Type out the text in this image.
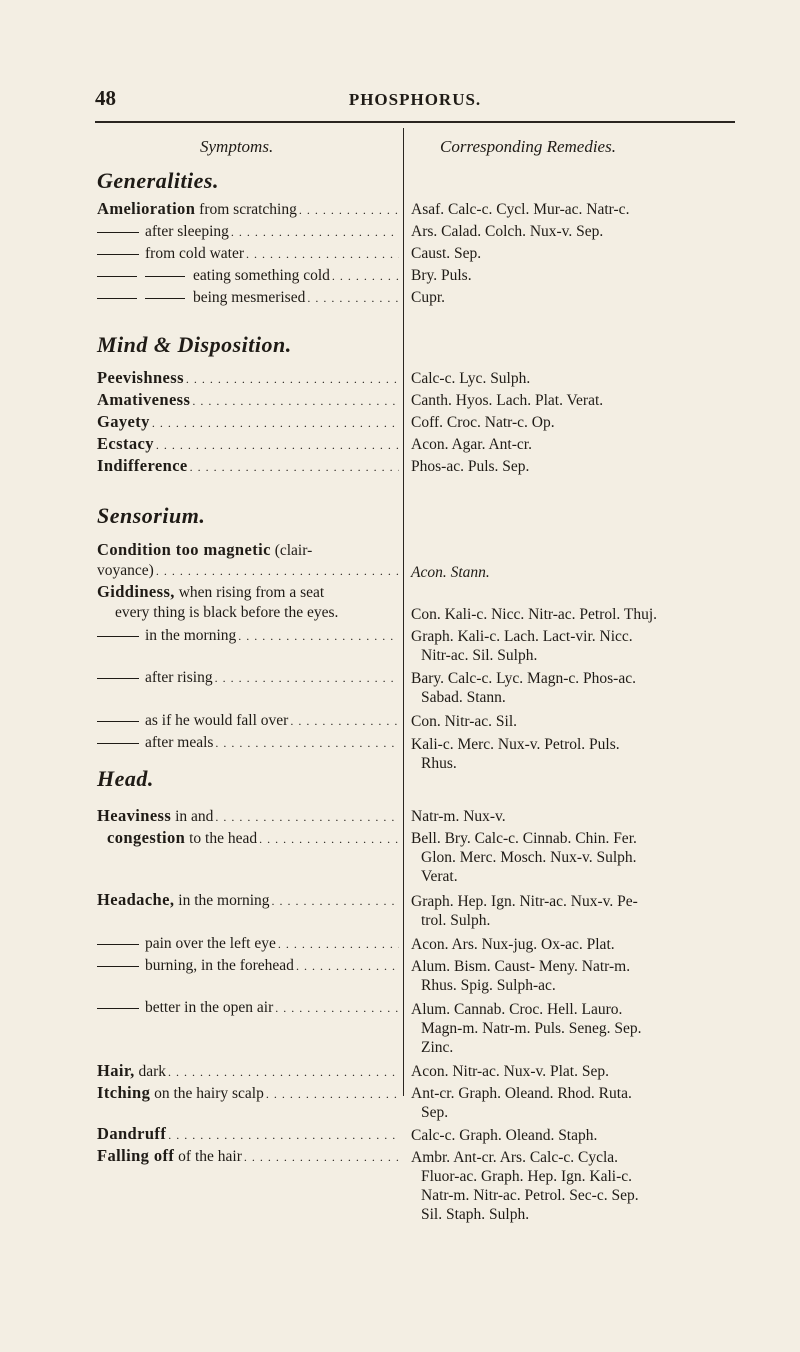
48	PHOSPHORUS.
Symptoms.	Corresponding Remedies.
Generalities.
Amelioration from scratching . . .	Asaf. Calc-c. Cycl. Mur-ac. Natr-c.
after sleeping . . .	Ars. Calad. Colch. Nux-v. Sep.
from cold water . . .	Caust. Sep.
eating something cold . . .	Bry. Puls.
being mesmerised . . .	Cupr.
Mind & Disposition.
Peevishness . . .	Calc-c. Lyc. Sulph.
Amativeness . . .	Canth. Hyos. Lach. Plat. Verat.
Gayety . . .	Coff. Croc. Natr-c. Op.
Ecstacy . . .	Acon. Agar. Ant-cr.
Indifference . . .	Phos-ac. Puls. Sep.
Sensorium.
Condition too magnetic (clair-
voyance) . . .	Acon. Stann.
Giddiness, when rising from a seat
every thing is black before the eyes.	Con. Kali-c. Nicc. Nitr-ac. Petrol. Thuj.
in the morning . . .	Graph. Kali-c. Lach. Lact-vir. Nicc.
Nitr-ac. Sil. Sulph.
after rising . . .	Bary. Calc-c. Lyc. Magn-c. Phos-ac.
Sabad. Stann.
as if he would fall over . . .	Con. Nitr-ac. Sil.
after meals . . .	Kali-c. Merc. Nux-v. Petrol. Puls.
Rhus.
Head.
Heaviness in and . . .	Natr-m. Nux-v.
congestion to the head . . .	Bell. Bry. Calc-c. Cinnab. Chin. Fer.
Glon. Merc. Mosch. Nux-v. Sulph.
Verat.
Headache, in the morning . . .	Graph. Hep. Ign. Nitr-ac. Nux-v. Pe-
trol. Sulph.
pain over the left eye . . .	Acon. Ars. Nux-jug. Ox-ac. Plat.
burning, in the forehead . . .	Alum. Bism. Caust- Meny. Natr-m.
Rhus. Spig. Sulph-ac.
better in the open air . . .	Alum. Cannab. Croc. Hell. Lauro.
Magn-m. Natr-m. Puls. Seneg. Sep.
Zinc.
Hair, dark . . .	Acon. Nitr-ac. Nux-v. Plat. Sep.
Itching on the hairy scalp . . .	Ant-cr. Graph. Oleand. Rhod. Ruta.
Sep.
Dandruff . . .	Calc-c. Graph. Oleand. Staph.
Falling off of the hair . . .	Ambr. Ant-cr. Ars. Calc-c. Cycla.
Fluor-ac. Graph. Hep. Ign. Kali-c.
Natr-m. Nitr-ac. Petrol. Sec-c. Sep.
Sil. Staph. Sulph.
